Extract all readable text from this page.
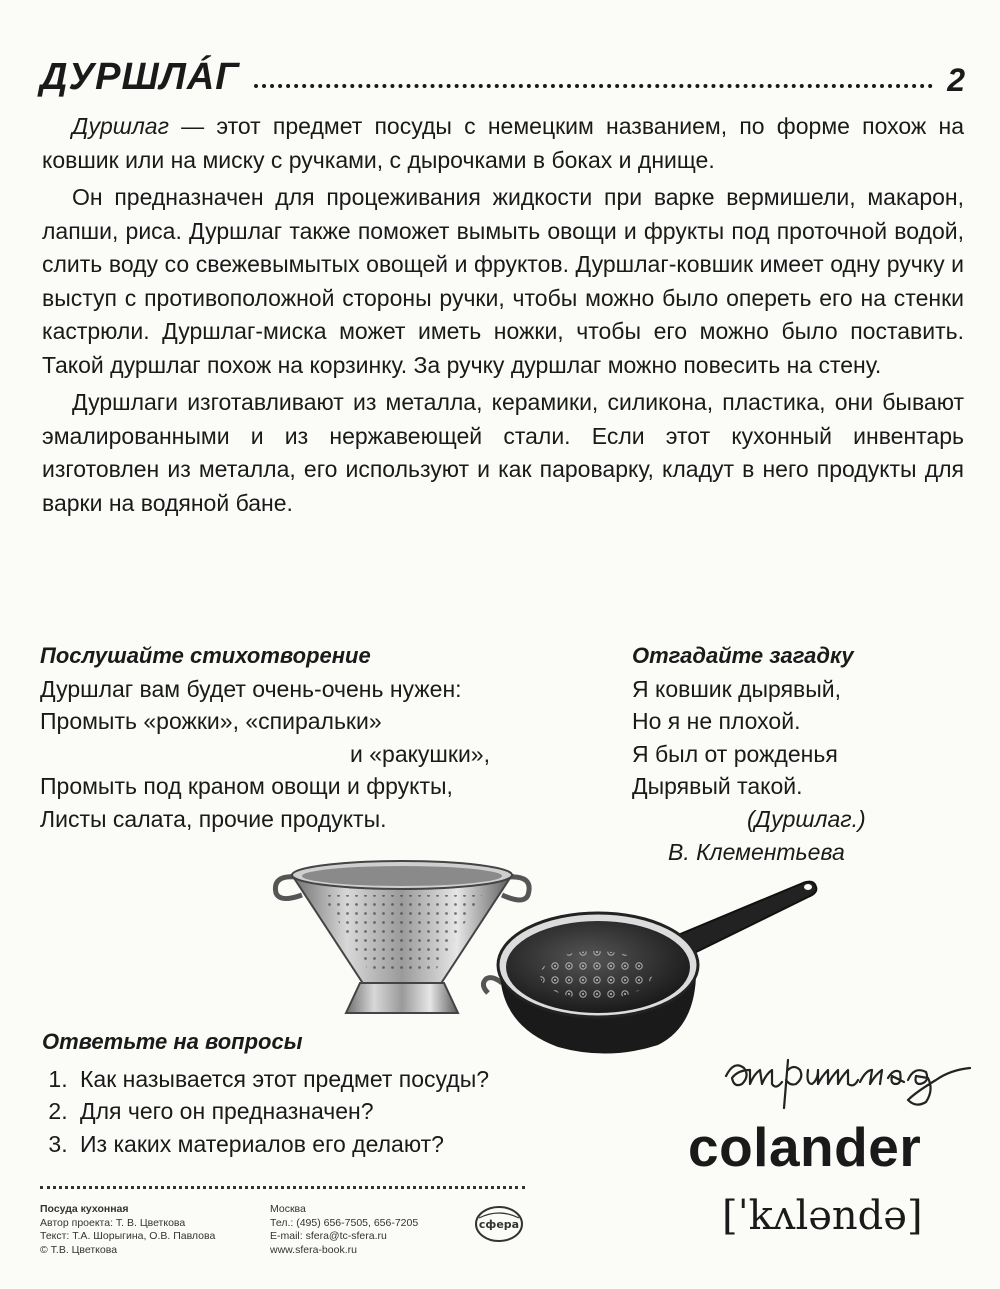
ДУРШЛÁГ	2

Дуршлаг — этот предмет посуды с немецким названием, по форме похож на ковшик или на миску с ручками, с дырочками в боках и днище.

Он предназначен для процеживания жидкости при варке вермишели, макарон, лапши, риса. Дуршлаг также поможет вымыть овощи и фрукты под проточной водой, слить воду со свежевымытых овощей и фруктов. Дуршлаг-ковшик имеет одну ручку и выступ с противоположной стороны ручки, чтобы можно было опереть его на стенки кастрюли. Дуршлаг-миска может иметь ножки, чтобы его можно было поставить. Такой дуршлаг похож на корзинку. За ручку дуршлаг можно повесить на стену.

Дуршлаги изготавливают из металла, керамики, силикона, пластика, они бывают эмалированными и из нержавеющей стали. Если этот кухонный инвентарь изготовлен из металла, его используют и как пароварку, кладут в него продукты для варки на водяной бане.

Послушайте стихотворение
Дуршлаг вам будет очень-очень нужен:
Промыть «рожки», «спиральки»
и «ракушки»,
Промыть под краном овощи и фрукты,
Листы салата, прочие продукты.
Отгадайте загадку
Я ковшик дырявый,
Но я не плохой.
Я был от рожденья
Дырявый такой.
(Дуршлаг.)
В. Клементьева
Ответьте на вопросы
1. Как называется этот предмет посуды?
2. Для чего он предназначен?
3. Из каких материалов его делают?	colander
[ˈkʌləndə]
Посуда кухонная
Автор проекта: Т. В. Цветкова
Текст: Т.А. Шорыгина, О.В. Павлова
© Т.В. Цветкова
Москва
Тел.: (495) 656-7505, 656-7205
E-mail: sfera@tc-sfera.ru
www.sfera-book.ru
сфера
